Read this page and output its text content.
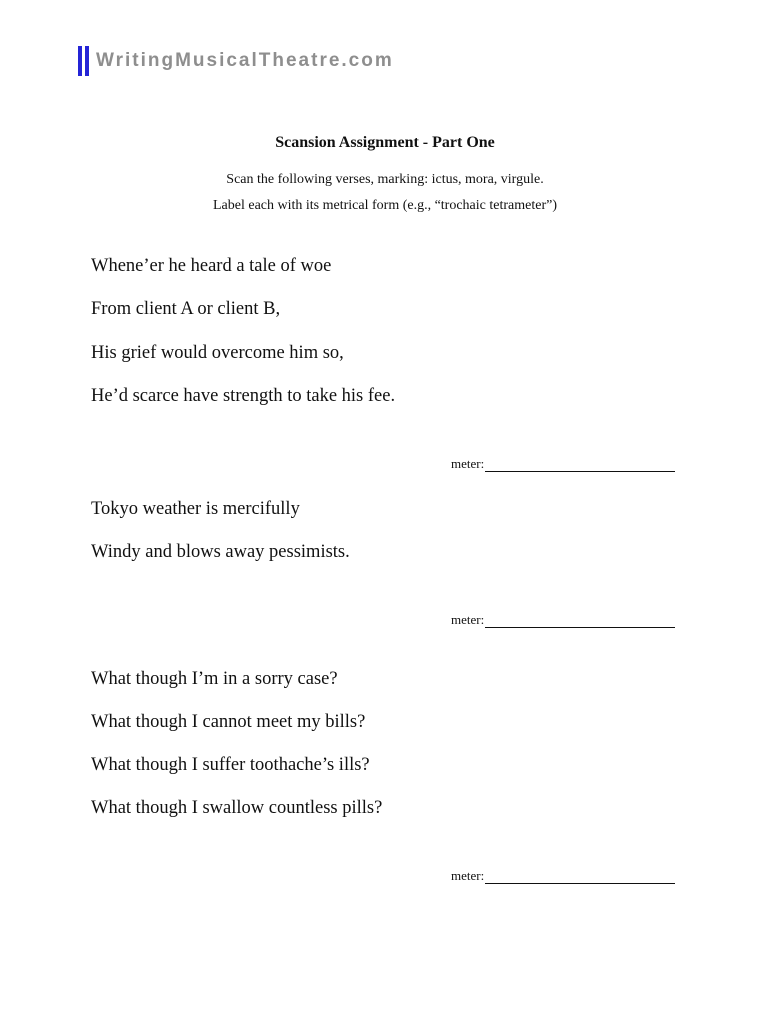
WritingMusicalTheatre.com
Scansion Assignment - Part One
Scan the following verses, marking: ictus, mora, virgule.
Label each with its metrical form (e.g., “trochaic tetrameter”)
Whene’er he heard a tale of woe
From client A or client B,
His grief would overcome him so,
He’d scarce have strength to take his fee.
meter:
Tokyo weather is mercifully
Windy and blows away pessimists.
meter:
What though I’m in a sorry case?
What though I cannot meet my bills?
What though I suffer toothache’s ills?
What though I swallow countless pills?
meter:
